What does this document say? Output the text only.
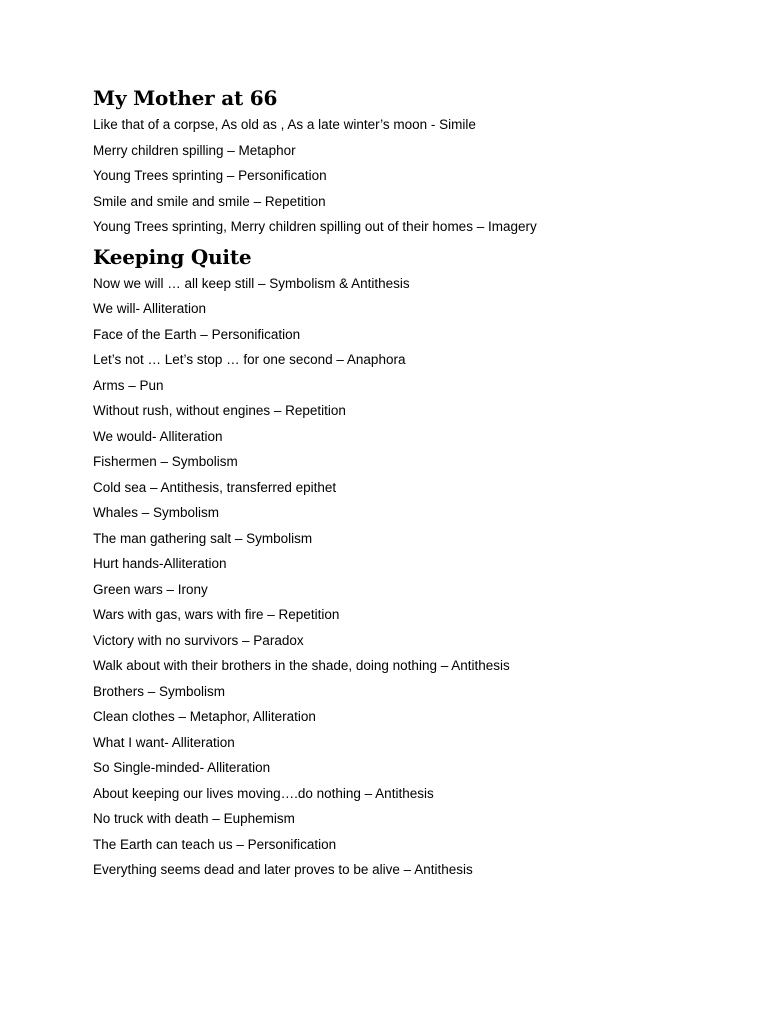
My Mother at 66

Like that of a corpse, As old as , As a late winter’s moon - Simile

Merry children spilling – Metaphor

Young Trees sprinting – Personification

Smile and smile and smile – Repetition

Young Trees sprinting, Merry children spilling out of their homes – Imagery

Keeping Quite

Now we will … all keep still – Symbolism & Antithesis

We will- Alliteration

Face of the Earth – Personification

Let’s not … Let’s stop … for one second – Anaphora

Arms – Pun

Without rush, without engines – Repetition

We would- Alliteration

Fishermen – Symbolism

Cold sea – Antithesis, transferred epithet

Whales – Symbolism

The man gathering salt – Symbolism

Hurt hands-Alliteration

Green wars – Irony

Wars with gas, wars with fire – Repetition

Victory with no survivors – Paradox

Walk about with their brothers in the shade, doing nothing – Antithesis

Brothers – Symbolism

Clean clothes – Metaphor, Alliteration

What I want- Alliteration

So Single-minded- Alliteration

About keeping our lives moving….do nothing – Antithesis

No truck with death – Euphemism

The Earth can teach us – Personification

Everything seems dead and later proves to be alive – Antithesis
